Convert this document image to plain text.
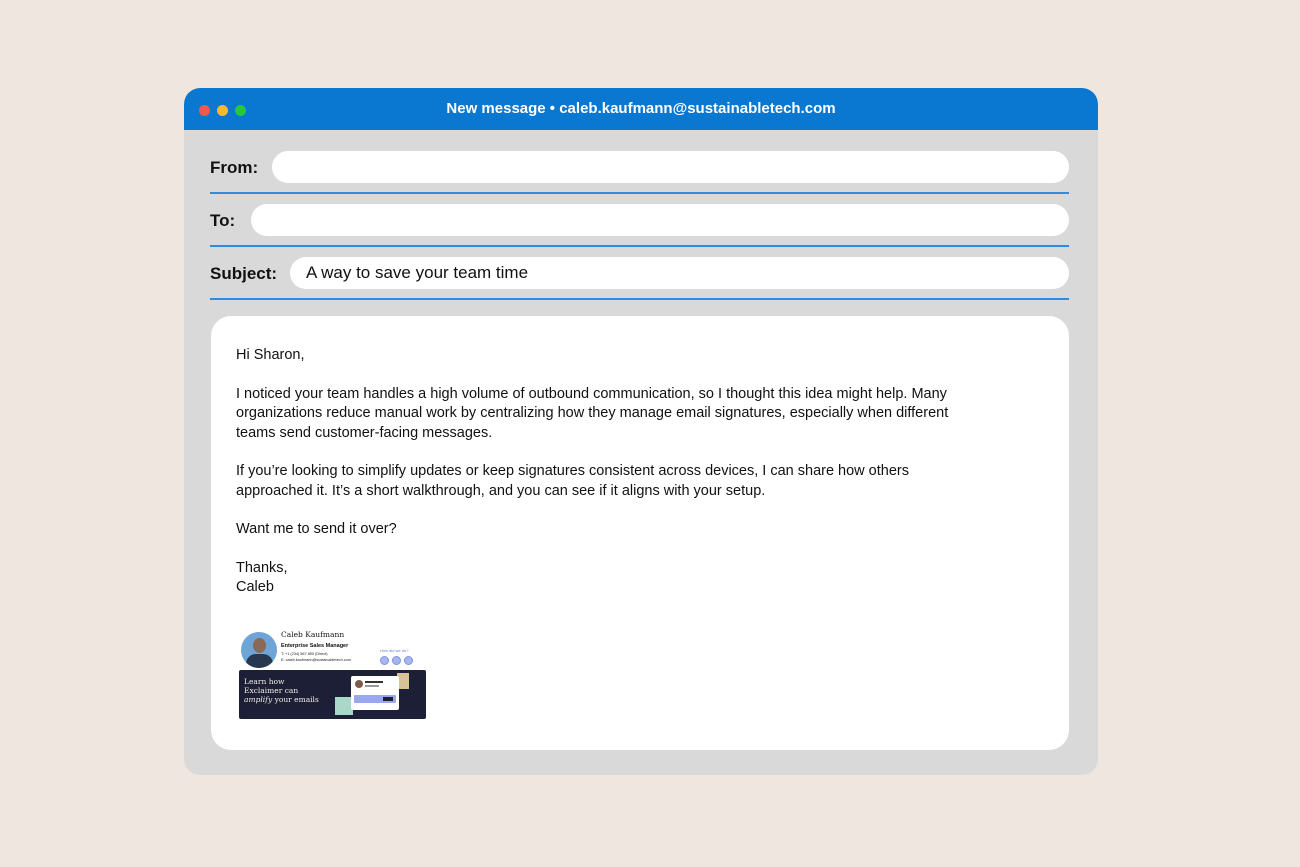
New message • caleb.kaufmann@sustainabletech.com
From:
To:
Subject:	A way to save your team time

Hi Sharon,

I noticed your team handles a high volume of outbound communication, so I thought this idea might help. Many
organizations reduce manual work by centralizing how they manage email signatures, especially when different
teams send customer-facing messages.

If you’re looking to simplify updates or keep signatures consistent across devices, I can share how others
approached it. It’s a short walkthrough, and you can see if it aligns with your setup.

Want me to send it over?

Thanks,
Caleb

Caleb Kaufmann
Enterprise Sales Manager
T: +1 (234) 567 890 (Direct)
E: caleb.kaufmann@sustainabletech.com
How did we do?
Learn how
Exclaimer can
amplify your emails
